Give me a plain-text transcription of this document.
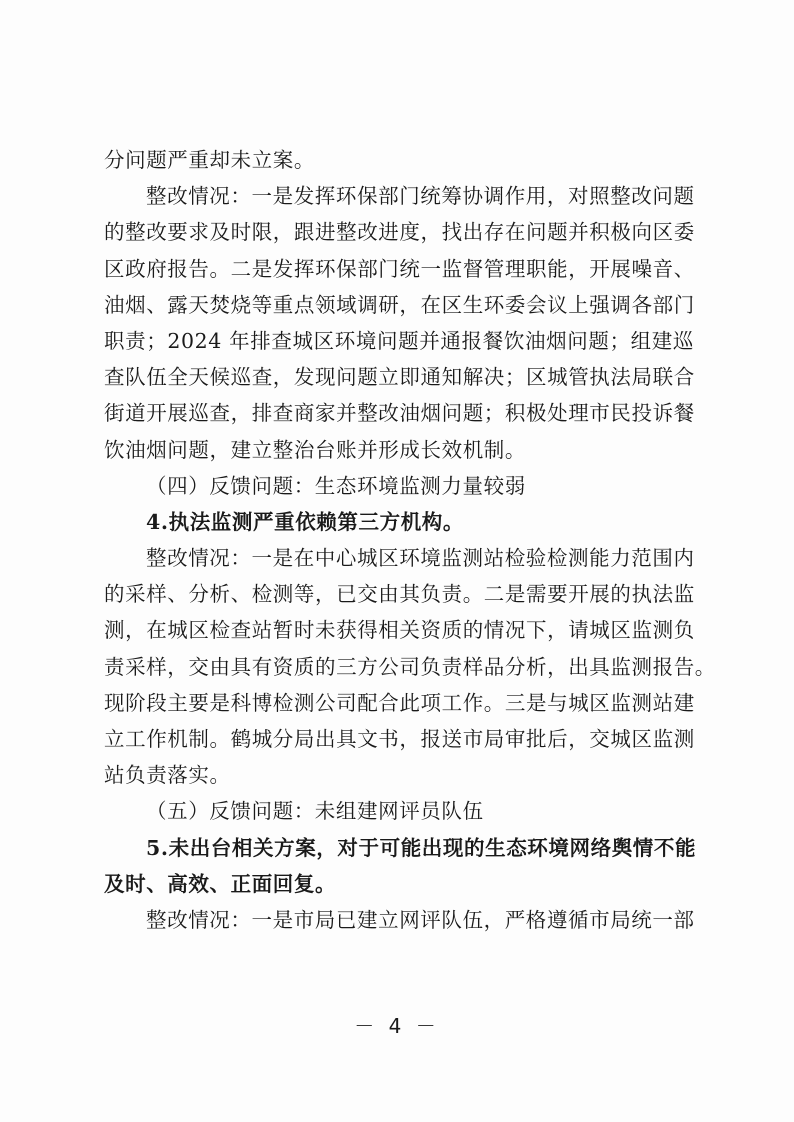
分问题严重却未立案。
整改情况：一是发挥环保部门统筹协调作用，对照整改问题
的整改要求及时限，跟进整改进度，找出存在问题并积极向区委
区政府报告。二是发挥环保部门统一监督管理职能，开展噪音、
油烟、露天焚烧等重点领域调研，在区生环委会议上强调各部门
职责；2024 年排查城区环境问题并通报餐饮油烟问题；组建巡
查队伍全天候巡查，发现问题立即通知解决；区城管执法局联合
街道开展巡查，排查商家并整改油烟问题；积极处理市民投诉餐
饮油烟问题，建立整治台账并形成长效机制。
（四）反馈问题：生态环境监测力量较弱
4.执法监测严重依赖第三方机构。
整改情况：一是在中心城区环境监测站检验检测能力范围内
的采样、分析、检测等，已交由其负责。二是需要开展的执法监
测，在城区检查站暂时未获得相关资质的情况下，请城区监测负
责采样，交由具有资质的三方公司负责样品分析，出具监测报告。
现阶段主要是科博检测公司配合此项工作。三是与城区监测站建
立工作机制。鹤城分局出具文书，报送市局审批后，交城区监测
站负责落实。
（五）反馈问题：未组建网评员队伍
5.未出台相关方案，对于可能出现的生态环境网络舆情不能
及时、高效、正面回复。
整改情况：一是市局已建立网评队伍，严格遵循市局统一部
－ 4 －
